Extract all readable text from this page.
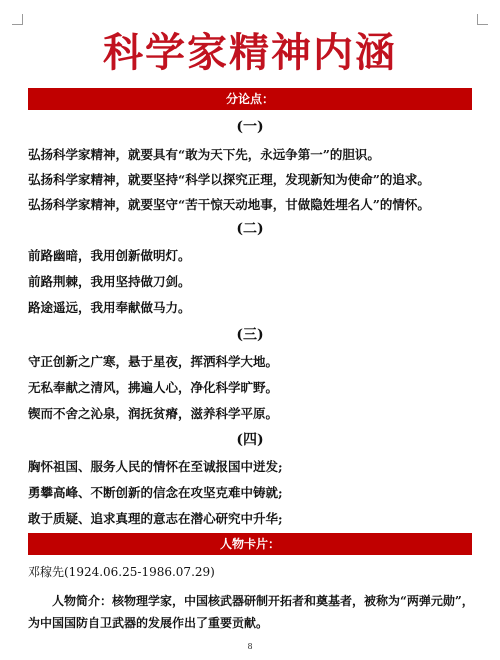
科学家精神内涵
分论点：
(一)
弘扬科学家精神，就要具有“敢为天下先，永远争第一”的胆识。
弘扬科学家精神，就要坚持“科学以探究正理，发现新知为使命”的追求。
弘扬科学家精神，就要坚守“苦干惊天动地事，甘做隐姓埋名人”的情怀。
(二)
前路幽暗，我用创新做明灯。
前路荆棘，我用坚持做刀剑。
路途遥远，我用奉献做马力。
(三)
守正创新之广寒，悬于星夜，挥洒科学大地。
无私奉献之清风，拂遍人心，净化科学旷野。
锲而不舍之沁泉，润抚贫瘠，滋养科学平原。
(四)
胸怀祖国、服务人民的情怀在至诚报国中迸发;
勇攀高峰、不断创新的信念在攻坚克难中铸就;
敢于质疑、追求真理的意志在潜心研究中升华;
人物卡片：
邓稼先(1924.06.25-1986.07.29)
人物简介：核物理学家，中国核武器研制开拓者和奠基者，被称为“两弹元勋”，为中国国防自卫武器的发展作出了重要贡献。
8
